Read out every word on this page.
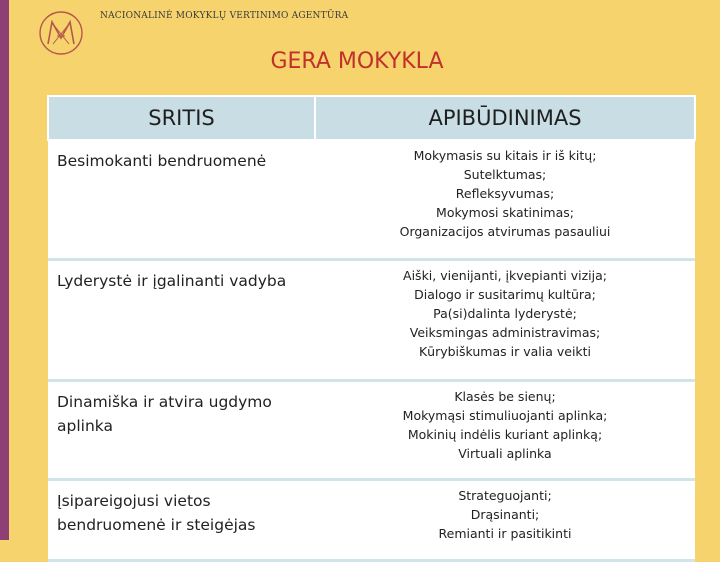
NACIONALINĖ MOKYKLŲ VERTINIMO AGENTŪRA
GERA MOKYKLA
SRITIS	APIBŪDINIMAS
Besimokanti bendruomenė	Mokymasis su kitais ir iš kitų;
Sutelktumas;
Refleksyvumas;
Mokymosi skatinimas;
Organizacijos atvirumas pasauliui

Lyderystė ir įgalinanti vadyba	Aiški, vienijanti, įkvepianti vizija;
Dialogo ir susitarimų kultūra;
Pa(si)dalinta lyderystė;
Veiksmingas administravimas;
Kūrybiškumas ir valia veikti

Dinamiška ir atvira ugdymo aplinka	Klasės be sienų;
Mokymąsi stimuliuojanti aplinka;
Mokinių indėlis kuriant aplinką;
Virtuali aplinka

Įsipareigojusi vietos bendruomenė ir steigėjas	Strateguojanti;
Drąsinanti;
Remianti ir pasitikinti
